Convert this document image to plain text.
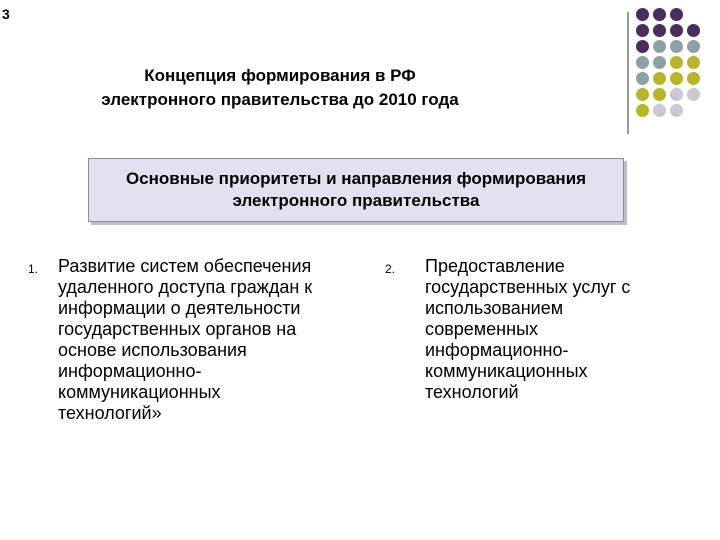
3
Концепция формирования в РФ электронного правительства до 2010 года
Основные приоритеты и направления формирования электронного правительства
1. Развитие систем обеспечения удаленного доступа граждан к информации о деятельности государственных органов на основе использования информационно-коммуникационных технологий»
2. Предоставление государственных услуг с использованием современных информационно-коммуникационных технологий
